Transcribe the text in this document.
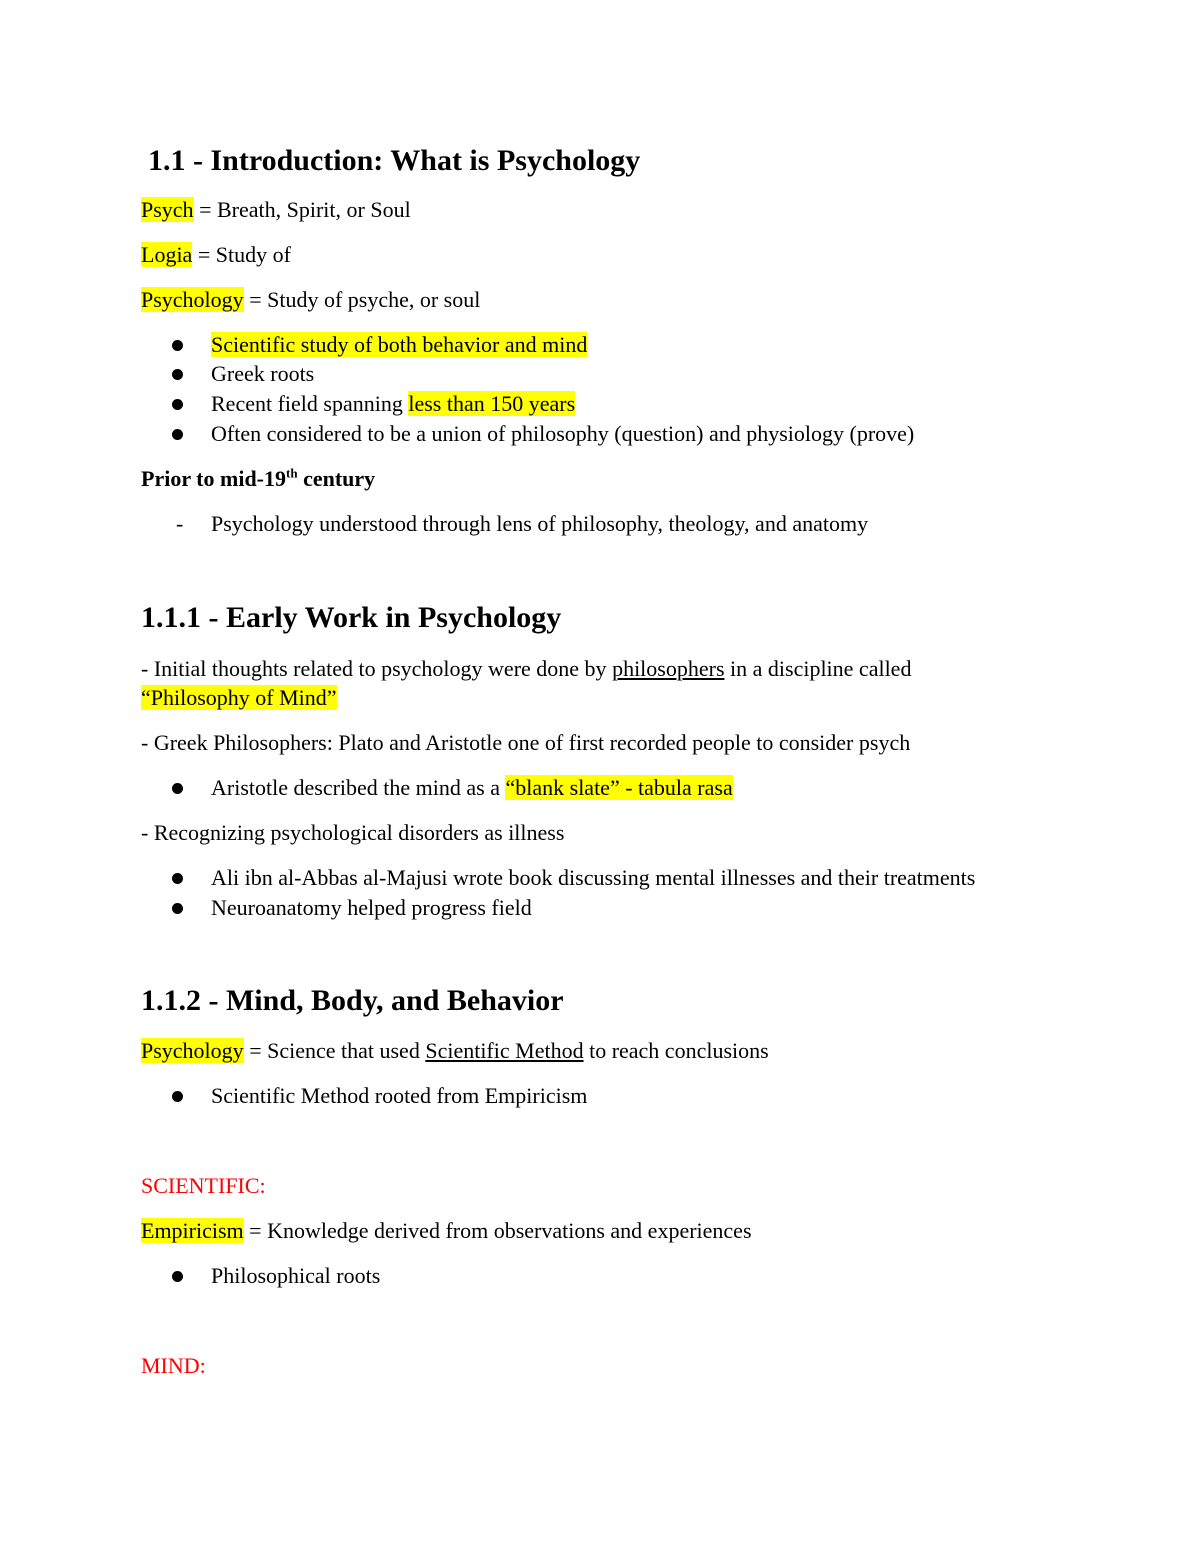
1.1 - Introduction: What is Psychology
Psych = Breath, Spirit, or Soul
Logia = Study of
Psychology = Study of psyche, or soul
Scientific study of both behavior and mind
Greek roots
Recent field spanning less than 150 years
Often considered to be a union of philosophy (question) and physiology (prove)
Prior to mid-19th century
- Psychology understood through lens of philosophy, theology, and anatomy
1.1.1 - Early Work in Psychology
- Initial thoughts related to psychology were done by philosophers in a discipline called
“Philosophy of Mind”
- Greek Philosophers: Plato and Aristotle one of first recorded people to consider psych
Aristotle described the mind as a “blank slate” - tabula rasa
- Recognizing psychological disorders as illness
Ali ibn al-Abbas al-Majusi wrote book discussing mental illnesses and their treatments
Neuroanatomy helped progress field
1.1.2 - Mind, Body, and Behavior
Psychology = Science that used Scientific Method to reach conclusions
Scientific Method rooted from Empiricism
SCIENTIFIC:
Empiricism = Knowledge derived from observations and experiences
Philosophical roots
MIND:
